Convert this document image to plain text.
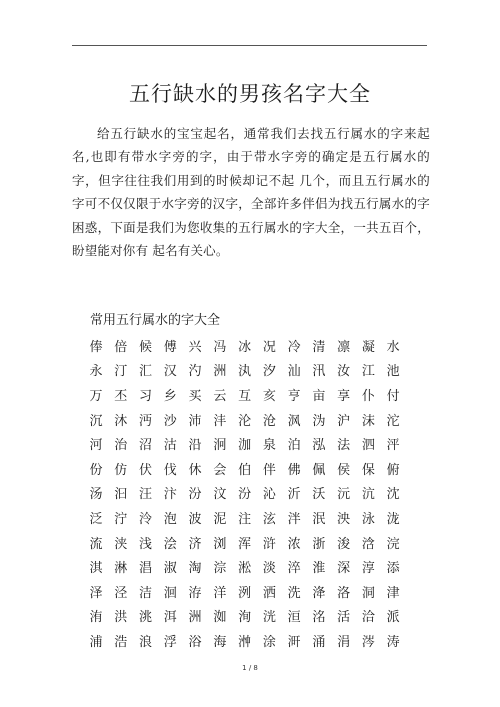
五行缺水的男孩名字大全

给五行缺水的宝宝起名，通常我们去找五行属水的字来起名,也即有带水字旁的字，由于带水字旁的确定是五行属水的字，但字往往我们用到的时候却记不起 几个，而且五行属水的字可不仅仅限于水字旁的汉字，全部许多伴侣为找五行属水的字困惑，下面是我们为您收集的五行属水的字大全，一共五百个，盼望能对你有 起名有关心。

常用五行属水的字大全

俸 倍 候 傅 兴 冯 冰 况 冷 清 凛 凝 水
永 汀 汇 汉 汋 洲 汍 汐 汕 汛 汝 江 池
万 丕 习 乡 买 云 互 亥 亨 亩 享 仆 付
沉 沐 沔 沙 沛 沣 沦 沧 沨 沩 沪 沫 沱
河 治 沼 沽 沿 泂 泇 泉 泊 泓 法 泗 泙
份 仿 伏 伐 休 会 伯 伴 佛 佩 侯 保 俯
汤 汩 汪 汴 汾 汶 汾 沁 沂 沃 沅 沆 沈
泛 泞 泠 泡 波 泥 注 泫 泮 泯 泱 泳 泷
流 浃 浅 浍 济 浏 浑 浒 浓 浙 浚 浛 浣
淇 淋 淐 淑 淘 淙 淞 淡 淬 淮 深 淳 添
泽 泾 洁 洄 洊 洋 洌 洒 洗 洚 洛 洞 津
洧 洪 洮 洱 洲 洳 洵 洸 洹 洺 活 洽 派
浦 浩 浪 浮 浴 海 浺 涂 涆 涌 涓 涔 涛
1 / 8
